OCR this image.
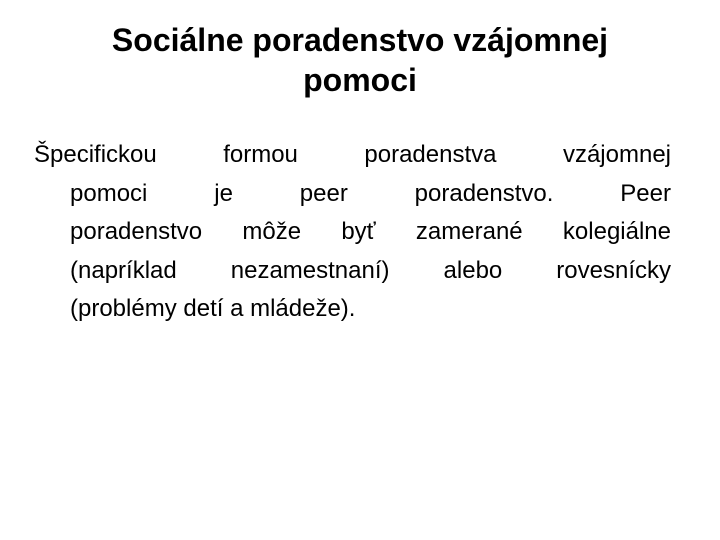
Sociálne poradenstvo vzájomnej
pomoci
Špecifickou formou poradenstva vzájomnej
pomoci je peer poradenstvo. Peer
poradenstvo môže byť zamerané kolegiálne
(napríklad nezamestnaní) alebo rovesnícky
(problémy detí a mládeže).
